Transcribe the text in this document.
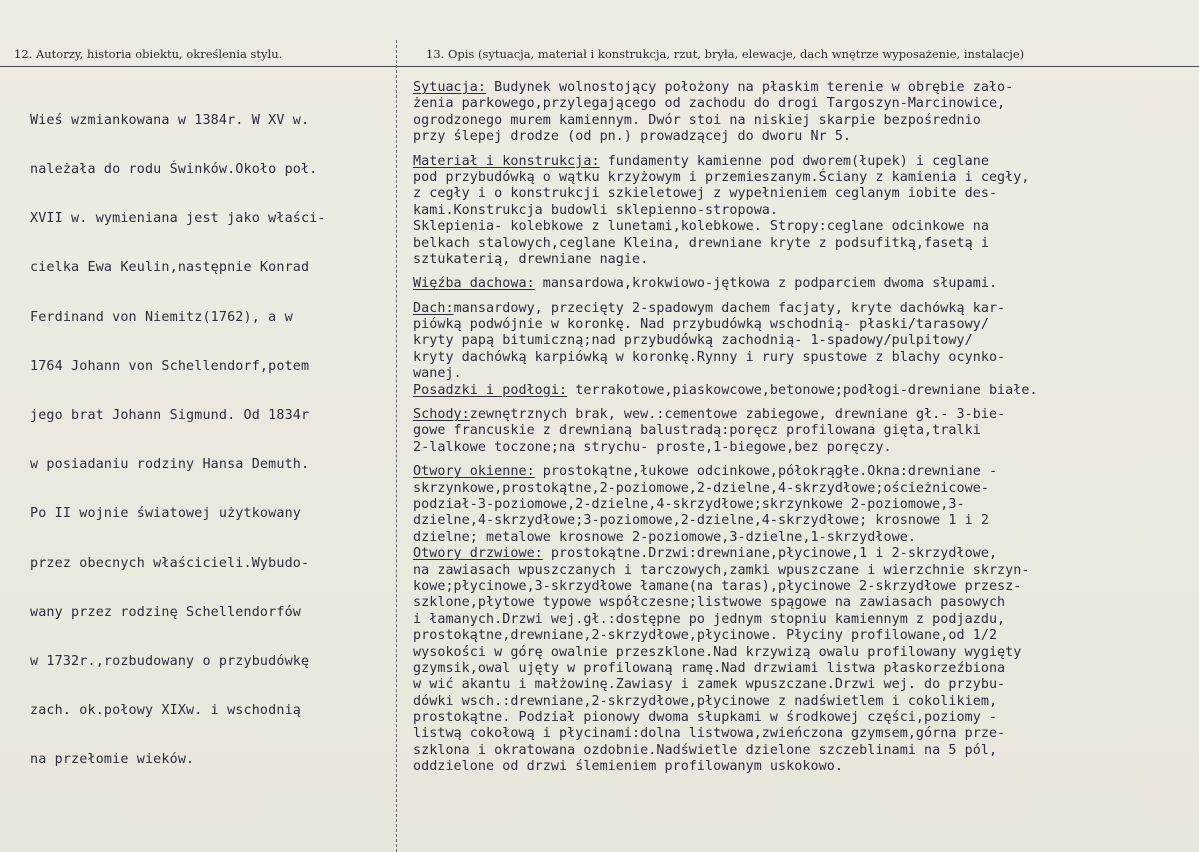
12. Autorzy, historia obiektu, określenia stylu.	13. Opis (sytuacja, materiał i konstrukcja, rzut, bryła, elewacje, dach wnętrze wyposażenie, instalacje)

Wieś wzmiankowana w 1384r. W XV w.

należała do rodu Świnków.Około poł.

XVII w. wymieniana jest jako właści-

cielka Ewa Keulin,następnie Konrad

Ferdinand von Niemitz(1762), a w

1764 Johann von Schellendorf,potem

jego brat Johann Sigmund. Od 1834r

w posiadaniu rodziny Hansa Demuth.

Po II wojnie światowej użytkowany

przez obecnych właścicieli.Wybudo-

wany przez rodzinę Schellendorfów

w 1732r.,rozbudowany o przybudówkę

zach. ok.połowy XIXw. i wschodnią

na przełomie wieków.

Sytuacja: Budynek wolnostojący położony na płaskim terenie w obrębie zało-
żenia parkowego,przylegającego od zachodu do drogi Targoszyn-Marcinowice,
ogrodzonego murem kamiennym. Dwór stoi na niskiej skarpie bezpośrednio
przy ślepej drodze (od pn.) prowadzącej do dworu Nr 5.
Materiał i konstrukcja: fundamenty kamienne pod dworem(łupek) i ceglane
pod przybudówką o wątku krzyżowym i przemieszanym.Ściany z kamienia i cegły,
z cegły i o konstrukcji szkieletowej z wypełnieniem ceglanym iobite des-
kami.Konstrukcja budowli sklepienno-stropowa.
Sklepienia- kolebkowe z lunetami,kolebkowe. Stropy:ceglane odcinkowe na
belkach stalowych,ceglane Kleina, drewniane kryte z podsufitką,fasetą i
sztukaterią, drewniane nagie.
Więźba dachowa: mansardowa,krokwiowo-jętkowa z podparciem dwoma słupami.
Dach:mansardowy, przecięty 2-spadowym dachem facjaty, kryte dachówką kar-
piówką podwójnie w koronkę. Nad przybudówką wschodnią- płaski/tarasowy/
kryty papą bitumiczną;nad przybudówką zachodnią- 1-spadowy/pulpitowy/
kryty dachówką karpiówką w koronkę.Rynny i rury spustowe z blachy ocynko-
wanej.
Posadzki i podłogi: terrakotowe,piaskowcowe,betonowe;podłogi-drewniane białe.
Schody:zewnętrznych brak, wew.:cementowe zabiegowe, drewniane gł.- 3-bie-
gowe francuskie z drewnianą balustradą:poręcz profilowana gięta,tralki
2-lalkowe toczone;na strychu- proste,1-biegowe,bez poręczy.
Otwory okienne: prostokątne,łukowe odcinkowe,półokrągłe.Okna:drewniane -
skrzynkowe,prostokątne,2-poziomowe,2-dzielne,4-skrzydłowe;ościeżnicowe-
podział-3-poziomowe,2-dzielne,4-skrzydłowe;skrzynkowe 2-poziomowe,3-
dzielne,4-skrzydłowe;3-poziomowe,2-dzielne,4-skrzydłowe; krosnowe 1 i 2
dzielne; metalowe krosnowe 2-poziomowe,3-dzielne,1-skrzydłowe.
Otwory drzwiowe: prostokątne.Drzwi:drewniane,płycinowe,1 i 2-skrzydłowe,
na zawiasach wpuszczanych i tarczowych,zamki wpuszczane i wierzchnie skrzyn-
kowe;płycinowe,3-skrzydłowe łamane(na taras),płycinowe 2-skrzydłowe przesz-
szklone,płytowe typowe współczesne;listwowe spągowe na zawiasach pasowych
i łamanych.Drzwi wej.gł.:dostępne po jednym stopniu kamiennym z podjazdu,
prostokątne,drewniane,2-skrzydłowe,płycinowe. Płyciny profilowane,od 1/2
wysokości w górę owalnie przeszklone.Nad krzywizą owalu profilowany wygięty
gzymsik,owal ujęty w profilowaną ramę.Nad drzwiami listwa płaskorzeźbiona
w wić akantu i małżowinę.Zawiasy i zamek wpuszczane.Drzwi wej. do przybu-
dówki wsch.:drewniane,2-skrzydłowe,płycinowe z nadświetlem i cokolikiem,
prostokątne. Podział pionowy dwoma słupkami w środkowej części,poziomy -
listwą cokołową i płycinami:dolna listwowa,zwieńczona gzymsem,górna prze-
szklona i okratowana ozdobnie.Nadświetle dzielone szczeblinami na 5 pól,
oddzielone od drzwi ślemieniem profilowanym uskokowo.
